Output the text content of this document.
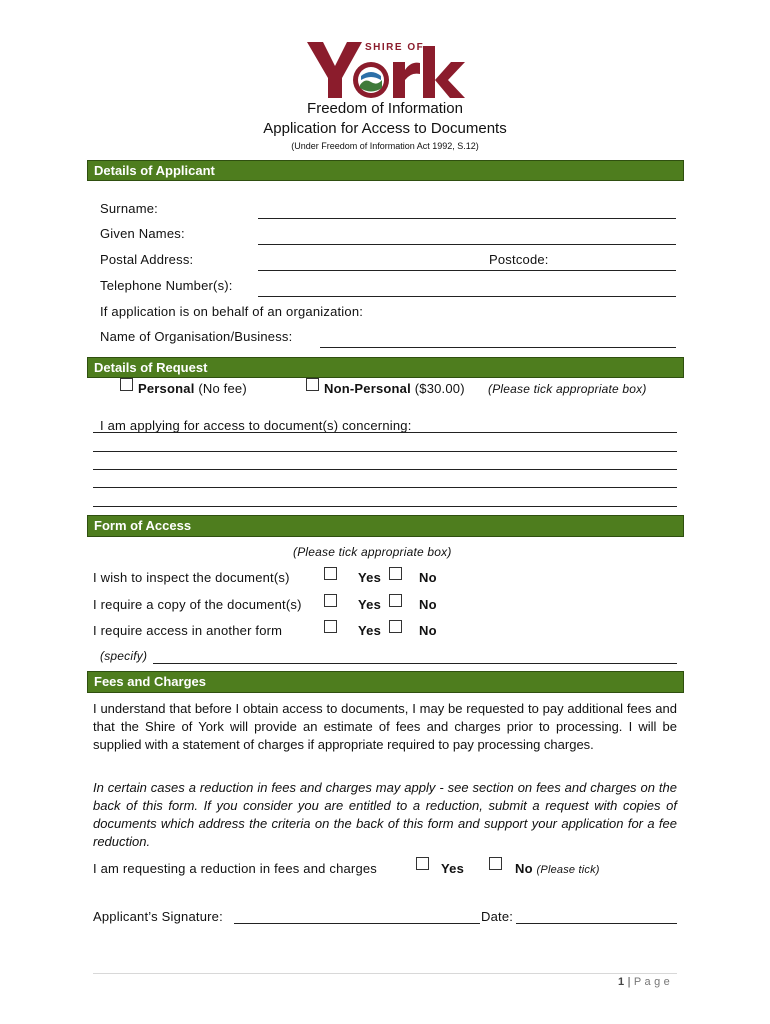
SHIRE OF
Freedom of Information
Application for Access to Documents
(Under Freedom of Information Act 1992, S.12)
Details of Applicant
Surname:
Given Names:
Postal Address:	Postcode:
Telephone Number(s):
If application is on behalf of an organization:
Name of Organisation/Business:
Details of Request
Personal (No fee)	Non-Personal ($30.00) (Please tick appropriate box)
I am applying for access to document(s) concerning:
Form of Access
(Please tick appropriate box)
I wish to inspect the document(s)	Yes	No
I require a copy of the document(s)	Yes	No
I require access in another form	Yes	No
(specify)
Fees and Charges
I understand that before I obtain access to documents, I may be requested to pay additional fees and that the Shire of York will provide an estimate of fees and charges prior to processing. I will be supplied with a statement of charges if appropriate required to pay processing charges.
In certain cases a reduction in fees and charges may apply - see section on fees and charges on the back of this form. If you consider you are entitled to a reduction, submit a request with copies of documents which address the criteria on the back of this form and support your application for a fee reduction.
I am requesting a reduction in fees and charges	Yes	No (Please tick)
Applicant’s Signature:	Date:
1 | P a g e
